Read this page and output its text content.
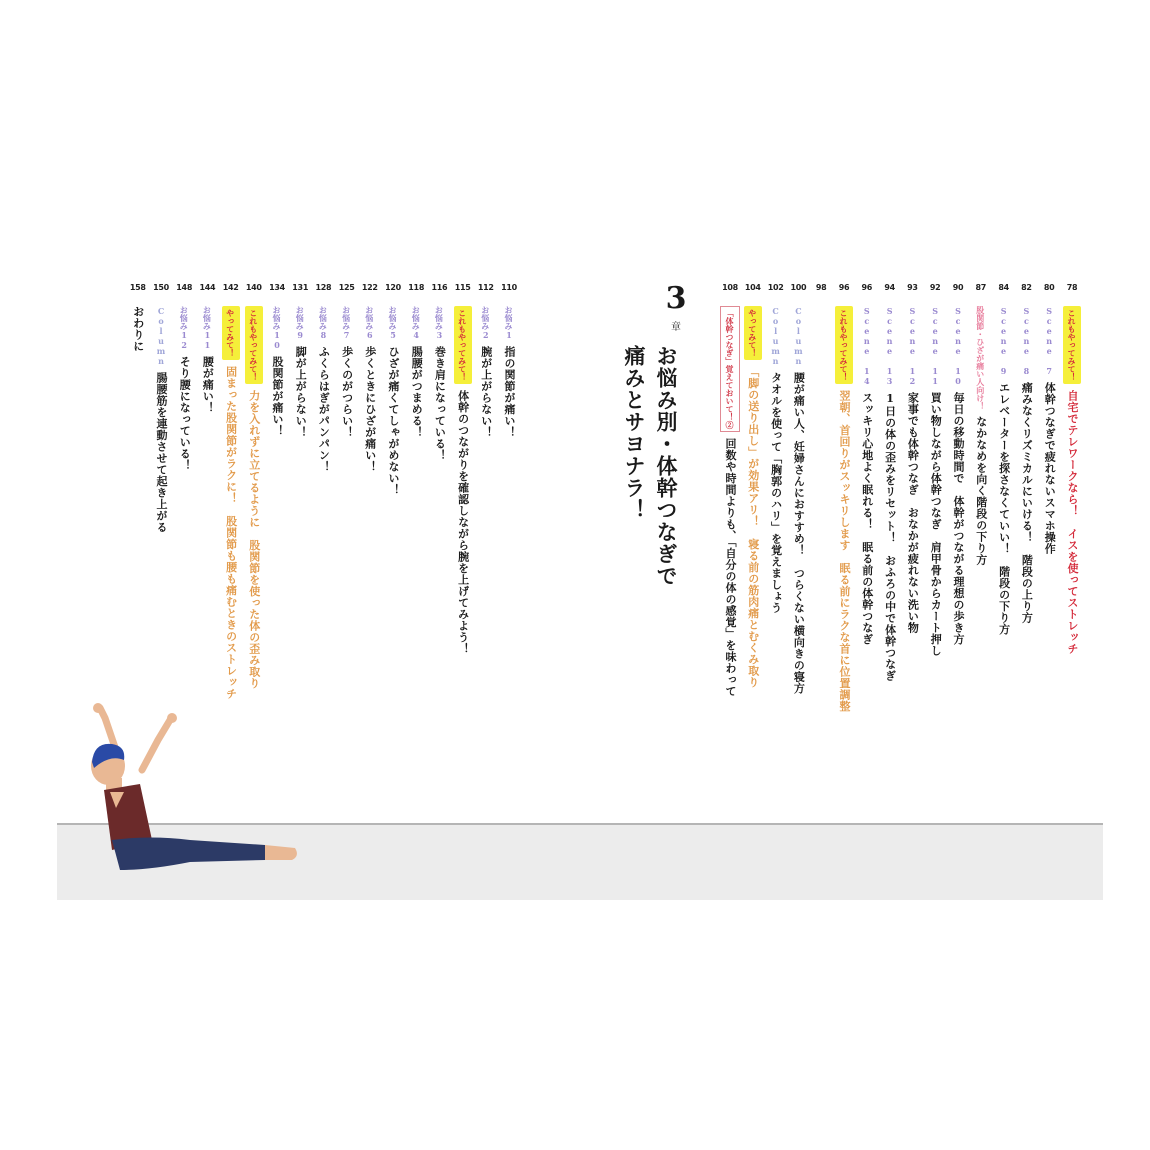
78
これもやってみて！自宅でテレワークなら！　イスを使ってストレッチ
80
Scene 7体幹つなぎで疲れないスマホ操作
82
Scene 8痛みなくリズミカルにいける！　階段の上り方
84
Scene 9エレベーターを探さなくていい！　階段の下り方
87
股関節・ひざが痛い人向け！なかなめを向く階段の下り方
90
Scene 10毎日の移動時間で　体幹がつながる理想の歩き方
92
Scene 11買い物しながら体幹つなぎ　肩甲骨からカート押し
93
Scene 12家事でも体幹つなぎ　おなかが疲れない洗い物
94
Scene 131日の体の歪みをリセット！　おふろの中で体幹つなぎ
96
Scene 14スッキリ心地よく眠れる！　眠る前の体幹つなぎ
96
これもやってみて！翌朝、首回りがスッキリします　眠る前にラクな首に位置調整
98
100
Column腰が痛い人、妊婦さんにおすすめ！　つらくない横向きの寝方
102
Columnタオルを使って「胸郭のハリ」を覚えましょう
104
やってみて！「脚の送り出し」が効果アリ！　寝る前の筋肉痛とむくみ取り
108
「体幹つなぎ」覚えておいて！②回数や時間よりも、「自分の体の感覚」を味わって
3
章
お悩み別・体幹つなぎで
痛みとサヨナラ！
110
お悩み1指の関節が痛い！
112
お悩み2腕が上がらない！
115
これもやってみて！体幹のつながりを確認しながら腕を上げてみよう！
116
お悩み3巻き肩になっている！
118
お悩み4腸腰がつまめる！
120
お悩み5ひざが痛くてしゃがめない！
122
お悩み6歩くときにひざが痛い！
125
お悩み7歩くのがつらい！
128
お悩み8ふくらはぎがパンパン！
131
お悩み9脚が上がらない！
134
お悩み10股関節が痛い！
140
これもやってみて！力を入れずに立てるように　股関節を使った体の歪み取り
142
やってみて！固まった股関節がラクに！　股関節も腰も痛むときのストレッチ
144
お悩み11腰が痛い！
148
お悩み12そり腰になっている！
150
Column腸腰筋を連動させて起き上がる
158
おわりに
